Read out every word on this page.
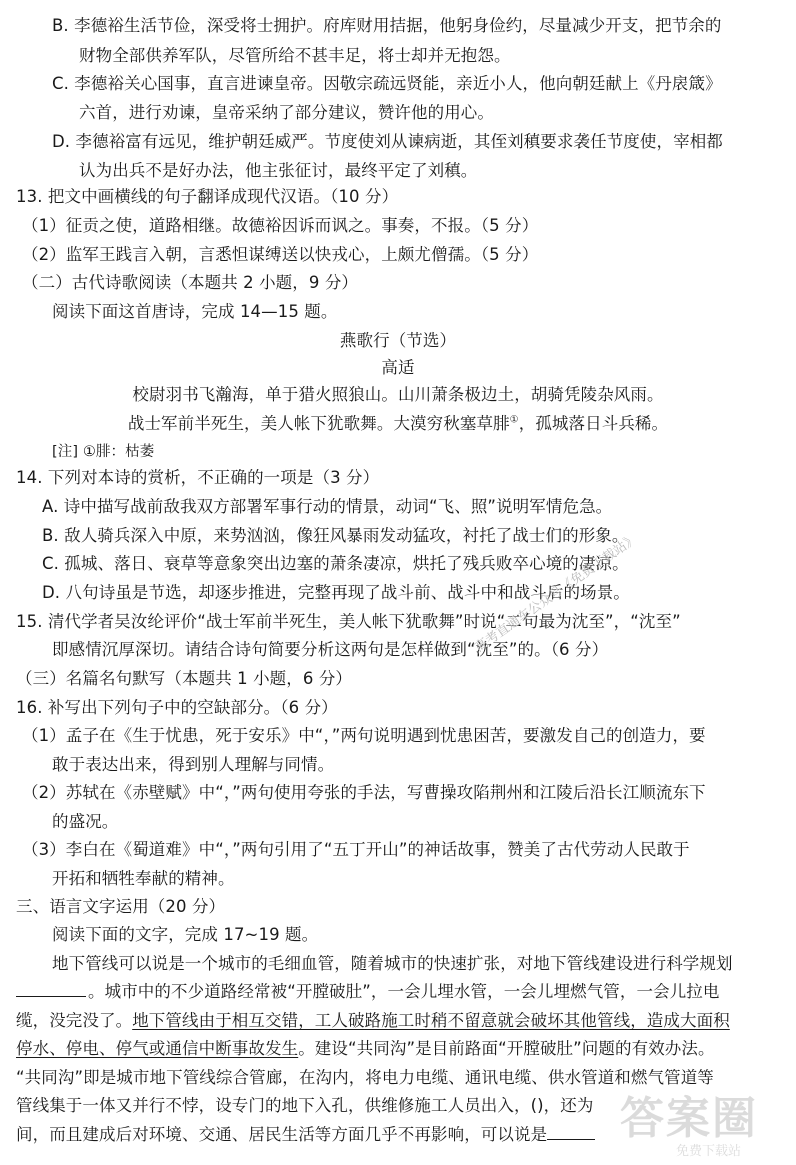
B. 李德裕生活节俭，深受将士拥护。府库财用拮据，他躬身俭约，尽量减少开支，把节余的
财物全部供养军队，尽管所给不甚丰足，将士却并无抱怨。
C. 李德裕关心国事，直言进谏皇帝。因敬宗疏远贤能，亲近小人，他向朝廷献上《丹扆箴》
六首，进行劝谏，皇帝采纳了部分建议，赞许他的用心。
D. 李德裕富有远见，维护朝廷威严。节度使刘从谏病逝，其侄刘稹要求袭任节度使，宰相都
认为出兵不是好办法，他主张征讨，最终平定了刘稹。
13. 把文中画横线的句子翻译成现代汉语。（10 分）
（1）征贡之使，道路相继。故德裕因诉而讽之。事奏，不报。（5 分）
（2）监军王践言入朝，言悉怛谋缚送以快戎心，上颇尤僧孺。（5 分）
（二）古代诗歌阅读（本题共 2 小题，9 分）
阅读下面这首唐诗，完成 14—15 题。
燕歌行（节选）
高适
校尉羽书飞瀚海，单于猎火照狼山。山川萧条极边土，胡骑凭陵杂风雨。
战士军前半死生，美人帐下犹歌舞。大漠穷秋塞草腓①，孤城落日斗兵稀。
[注] ①腓：枯萎
14. 下列对本诗的赏析，不正确的一项是（3 分）
A. 诗中描写战前敌我双方部署军事行动的情景，动词“飞、照”说明军情危急。
B. 敌人骑兵深入中原，来势汹汹，像狂风暴雨发动猛攻，衬托了战士们的形象。
C. 孤城、落日、衰草等意象突出边塞的萧条凄凉，烘托了残兵败卒心境的凄凉。
D. 八句诗虽是节选，却逐步推进，完整再现了战斗前、战斗中和战斗后的场景。
15. 清代学者吴汝纶评价“战士军前半死生，美人帐下犹歌舞”时说“二句最为沈至”，“沈至”
即感情沉厚深切。请结合诗句简要分析这两句是怎样做到“沈至”的。（6 分）
（三）名篇名句默写（本题共 1 小题，6 分）
16. 补写出下列句子中的空缺部分。（6 分）
（1）孟子在《生于忧患，死于安乐》中“，”两句说明遇到忧患困苦，要激发自己的创造力，要
敢于表达出来，得到别人理解与同情。
（2）苏轼在《赤壁赋》中“，”两句使用夸张的手法，写曹操攻陷荆州和江陵后沿长江顺流东下
的盛况。
（3）李白在《蜀道难》中“，”两句引用了“五丁开山”的神话故事，赞美了古代劳动人民敢于
开拓和牺牲奉献的精神。
三、语言文字运用（20 分）
阅读下面的文字，完成 17~19 题。
地下管线可以说是一个城市的毛细血管，随着城市的快速扩张，对地下管线建设进行科学规划
。城市中的不少道路经常被“开膛破肚”，一会儿埋水管，一会儿埋燃气管，一会儿拉电
缆，没完没了。地下管线由于相互交错，工人破路施工时稍不留意就会破坏其他管线，造成大面积
停水、停电、停气或通信中断事故发生。建设“共同沟”是目前路面“开膛破肚”问题的有效办法。
“共同沟”即是城市地下管线综合管廊，在沟内，将电力电缆、通讯电缆、供水管道和燃气管道等
管线集于一体又并行不悖，设专门的地下入孔，供维修施工人员出入，()，还为
间，而且建成后对环境、交通、居民生活等方面几乎不再影响，可以说是
高考直通车公众号《免费下载站》
答案圈
免费下载站
